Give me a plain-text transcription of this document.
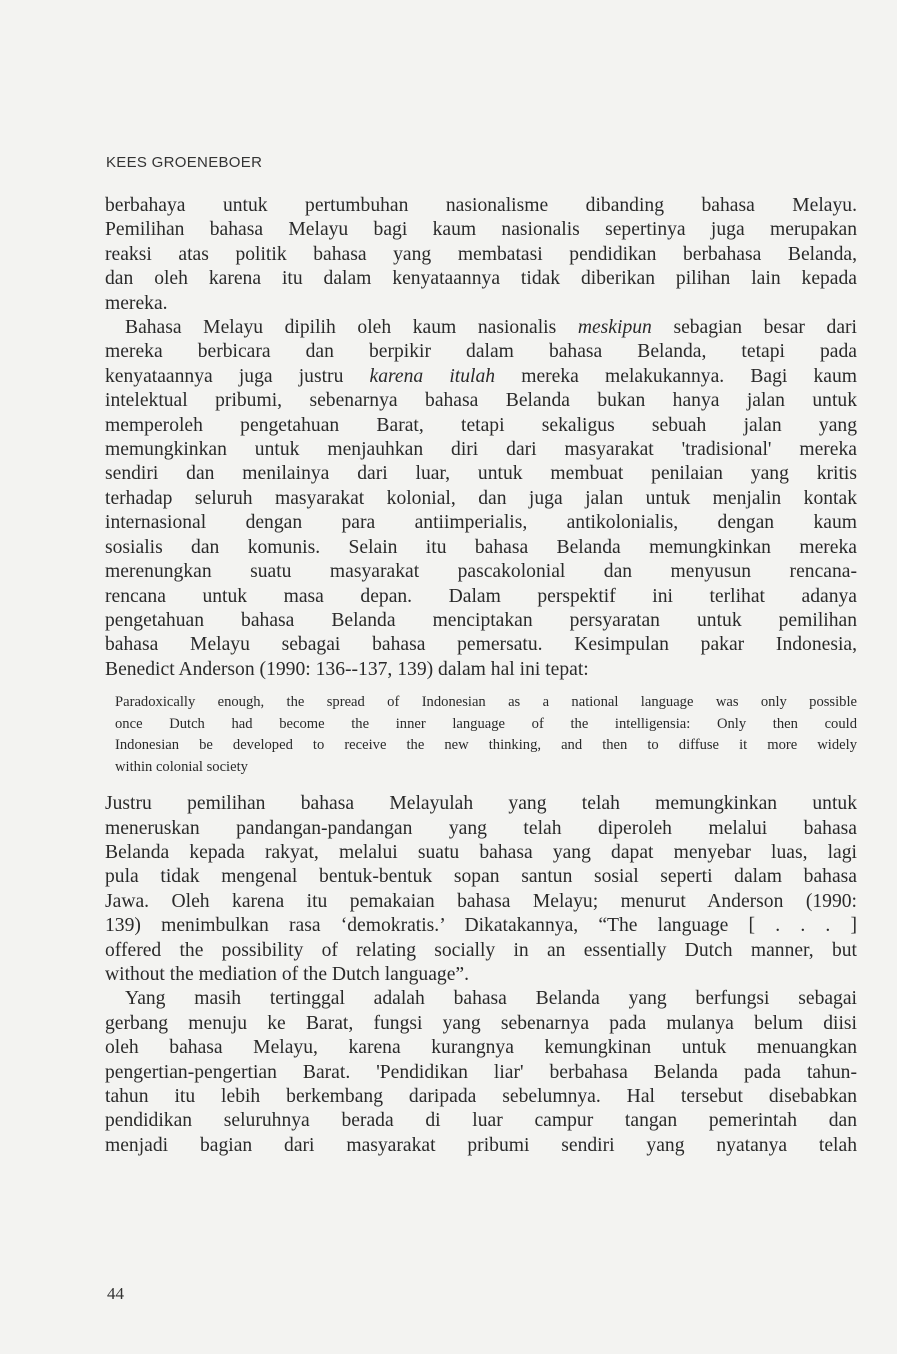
KEES GROENEBOER
berbahaya untuk pertumbuhan nasionalisme dibanding bahasa Melayu.
Pemilihan bahasa Melayu bagi kaum nasionalis sepertinya juga merupakan
reaksi atas politik bahasa yang membatasi pendidikan berbahasa Belanda,
dan oleh karena itu dalam kenyataannya tidak diberikan pilihan lain kepada
mereka.
Bahasa Melayu dipilih oleh kaum nasionalis meskipun sebagian besar dari
mereka berbicara dan berpikir dalam bahasa Belanda, tetapi pada
kenyataannya juga justru karena itulah mereka melakukannya. Bagi kaum
intelektual pribumi, sebenarnya bahasa Belanda bukan hanya jalan untuk
memperoleh pengetahuan Barat, tetapi sekaligus sebuah jalan yang
memungkinkan untuk menjauhkan diri dari masyarakat 'tradisional' mereka
sendiri dan menilainya dari luar, untuk membuat penilaian yang kritis
terhadap seluruh masyarakat kolonial, dan juga jalan untuk menjalin kontak
internasional dengan para antiimperialis, antikolonialis, dengan kaum
sosialis dan komunis. Selain itu bahasa Belanda memungkinkan mereka
merenungkan suatu masyarakat pascakolonial dan menyusun rencana-
rencana untuk masa depan. Dalam perspektif ini terlihat adanya
pengetahuan bahasa Belanda menciptakan persyaratan untuk pemilihan
bahasa Melayu sebagai bahasa pemersatu. Kesimpulan pakar Indonesia,
Benedict Anderson (1990: 136--137, 139) dalam hal ini tepat:
Paradoxically enough, the spread of Indonesian as a national language was only possible
once Dutch had become the inner language of the intelligensia: Only then could
Indonesian be developed to receive the new thinking, and then to diffuse it more widely
within colonial society
Justru pemilihan bahasa Melayulah yang telah memungkinkan untuk
meneruskan pandangan-pandangan yang telah diperoleh melalui bahasa
Belanda kepada rakyat, melalui suatu bahasa yang dapat menyebar luas, lagi
pula tidak mengenal bentuk-bentuk sopan santun sosial seperti dalam bahasa
Jawa. Oleh karena itu pemakaian bahasa Melayu; menurut Anderson (1990:
139) menimbulkan rasa ‘demokratis.’ Dikatakannya, “The language [ . . . ]
offered the possibility of relating socially in an essentially Dutch manner, but
without the mediation of the Dutch language”.
Yang masih tertinggal adalah bahasa Belanda yang berfungsi sebagai
gerbang menuju ke Barat, fungsi yang sebenarnya pada mulanya belum diisi
oleh bahasa Melayu, karena kurangnya kemungkinan untuk menuangkan
pengertian-pengertian Barat. 'Pendidikan liar' berbahasa Belanda pada tahun-
tahun itu lebih berkembang daripada sebelumnya. Hal tersebut disebabkan
pendidikan seluruhnya berada di luar campur tangan pemerintah dan
menjadi bagian dari masyarakat pribumi sendiri yang nyatanya telah
44
